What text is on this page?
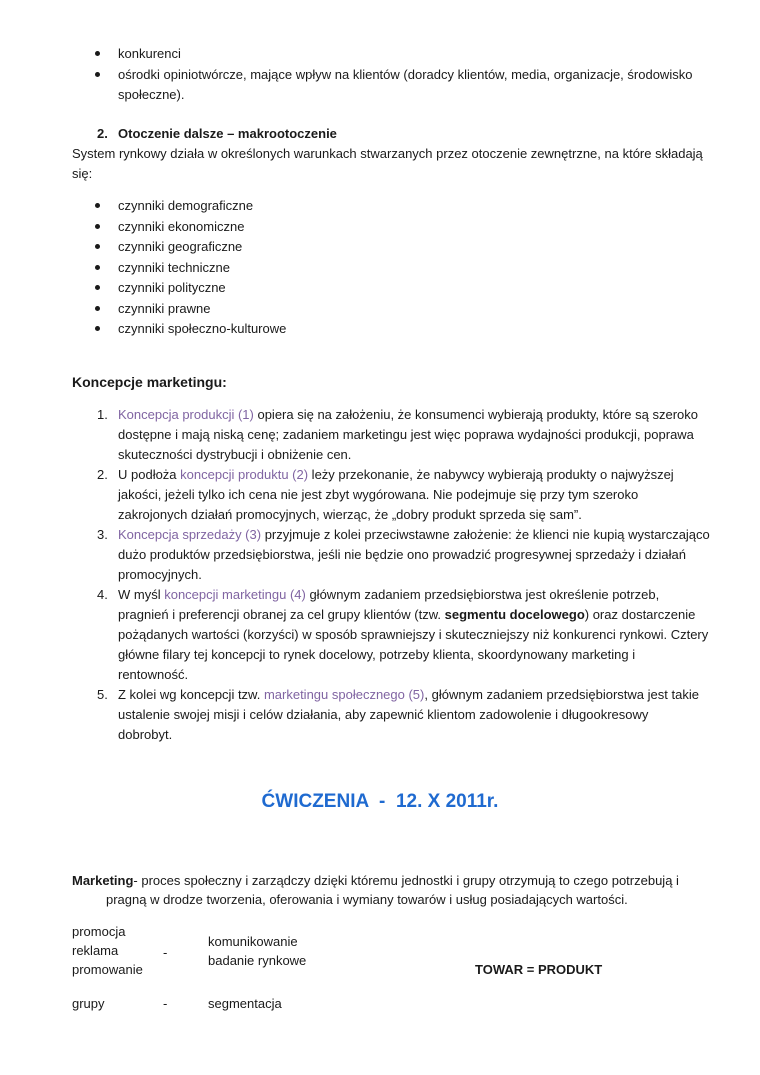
konkurenci
ośrodki opiniotwórcze, mające wpływ na klientów (doradcy klientów, media, organizacje, środowisko
społeczne).
2. Otoczenie dalsze – makrootoczenie
System rynkowy działa w określonych warunkach stwarzanych przez otoczenie zewnętrzne, na które składają
się:
czynniki demograficzne
czynniki ekonomiczne
czynniki geograficzne
czynniki techniczne
czynniki polityczne
czynniki prawne
czynniki społeczno-kulturowe
Koncepcje marketingu:
1. Koncepcja produkcji (1) opiera się na założeniu, że konsumenci wybierają produkty, które są szeroko
dostępne i mają niską cenę; zadaniem marketingu jest więc poprawa wydajności produkcji, poprawa
skuteczności dystrybucji i obniżenie cen.
2. U podłoża koncepcji produktu (2) leży przekonanie, że nabywcy wybierają produkty o najwyższej
jakości, jeżeli tylko ich cena nie jest zbyt wygórowana. Nie podejmuje się przy tym szeroko
zakrojonych działań promocyjnych, wierząc, że „dobry produkt sprzeda się sam”.
3. Koncepcja sprzedaży (3) przyjmuje z kolei przeciwstawne założenie: że klienci nie kupią wystarczająco
dużo produktów przedsiębiorstwa, jeśli nie będzie ono prowadzić progresywnej sprzedaży i działań
promocyjnych.
4. W myśl koncepcji marketingu (4) głównym zadaniem przedsiębiorstwa jest określenie potrzeb,
pragnień i preferencji obranej za cel grupy klientów (tzw. segmentu docelowego) oraz dostarczenie
pożądanych wartości (korzyści) w sposób sprawniejszy i skuteczniejszy niż konkurenci rynkowi. Cztery
główne filary tej koncepcji to rynek docelowy, potrzeby klienta, skoordynowany marketing i
rentowność.
5. Z kolei wg koncepcji tzw. marketingu społecznego (5), głównym zadaniem przedsiębiorstwa jest takie
ustalenie swojej misji i celów działania, aby zapewnić klientom zadowolenie i długookresowy
dobrobyt.
ĆWICZENIA  -  12. X 2011r.
Marketing- proces społeczny i zarządczy dzięki któremu jednostki i grupy otrzymują to czego potrzebują i
pragną w drodze tworzenia, oferowania i wymiany towarów i usług posiadających wartości.
promocja
reklama
promowanie
-
komunikowanie
badanie rynkowe
TOWAR = PRODUKT
grupy	-	segmentacja
